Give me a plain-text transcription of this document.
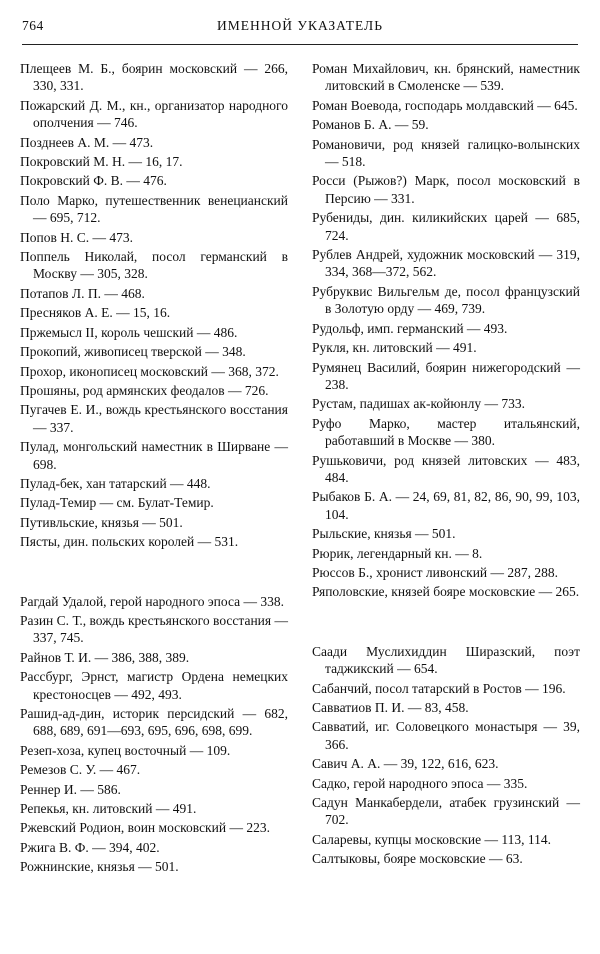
764	ИМЕННОЙ УКАЗАТЕЛЬ

Плещеев М. Б., боярин московский — 266, 330, 331.

Пожарский Д. М., кн., организатор народного ополчения — 746.

Позднеев А. М. — 473.

Покровский М. Н. — 16, 17.

Покровский Ф. В. — 476.

Поло Марко, путешественник венецианский — 695, 712.

Попов Н. С. — 473.

Поппель Николай, посол германский в Москву — 305, 328.

Потапов Л. П. — 468.

Пресняков А. Е. — 15, 16.

Пржемысл II, король чешский — 486.

Прокопий, живописец тверской — 348.

Прохор, иконописец московский — 368, 372.

Прошяны, род армянских феодалов — 726.

Пугачев Е. И., вождь крестьянского восстания — 337.

Пулад, монгольский наместник в Ширване — 698.

Пулад-бек, хан татарский — 448.

Пулад-Темир — см. Булат-Темир.

Путивльские, князья — 501.

Пясты, дин. польских королей — 531.

Рагдай Удалой, герой народного эпоса — 338.

Разин С. Т., вождь крестьянского восстания — 337, 745.

Райнов Т. И. — 386, 388, 389.

Рассбург, Эрнст, магистр Ордена немецких крестоносцев — 492, 493.

Рашид-ад-дин, историк персидский — 682, 688, 689, 691—693, 695, 696, 698, 699.

Резеп-хоза, купец восточный — 109.

Ремезов С. У. — 467.

Реннер И. — 586.

Репекья, кн. литовский — 491.

Ржевский Родион, воин московский — 223.

Ржига В. Ф. — 394, 402.

Рожнинские, князья — 501.

Роман Михайлович, кн. брянский, наместник литовский в Смоленске — 539.

Роман Воевода, господарь молдавский — 645.

Романов Б. А. — 59.

Романовичи, род князей галицко-волынских — 518.

Росси (Рыжов?) Марк, посол московский в Персию — 331.

Рубениды, дин. киликийских царей — 685, 724.

Рублев Андрей, художник московский — 319, 334, 368—372, 562.

Рубруквис Вильгельм де, посол французский в Золотую орду — 469, 739.

Рудольф, имп. германский — 493.

Рукля, кн. литовский — 491.

Румянец Василий, боярин нижегородский — 238.

Рустам, падишах ак-койюнлу — 733.

Руфо Марко, мастер итальянский, работавший в Москве — 380.

Рушьковичи, род князей литовских — 483, 484.

Рыбаков Б. А. — 24, 69, 81, 82, 86, 90, 99, 103, 104.

Рыльские, князья — 501.

Рюрик, легендарный кн. — 8.

Рюссов Б., хронист ливонский — 287, 288.

Ряполовские, князей бояре московские — 265.

Саади Муслихиддин Ширазский, поэт таджикский — 654.

Сабанчий, посол татарский в Ростов — 196.

Савватиов П. И. — 83, 458.

Савватий, иг. Соловецкого монастыря — 39, 366.

Савич А. А. — 39, 122, 616, 623.

Садко, герой народного эпоса — 335.

Садун Манкабердели, атабек грузинский — 702.

Саларевы, купцы московские — 113, 114.

Салтыковы, бояре московские — 63.
